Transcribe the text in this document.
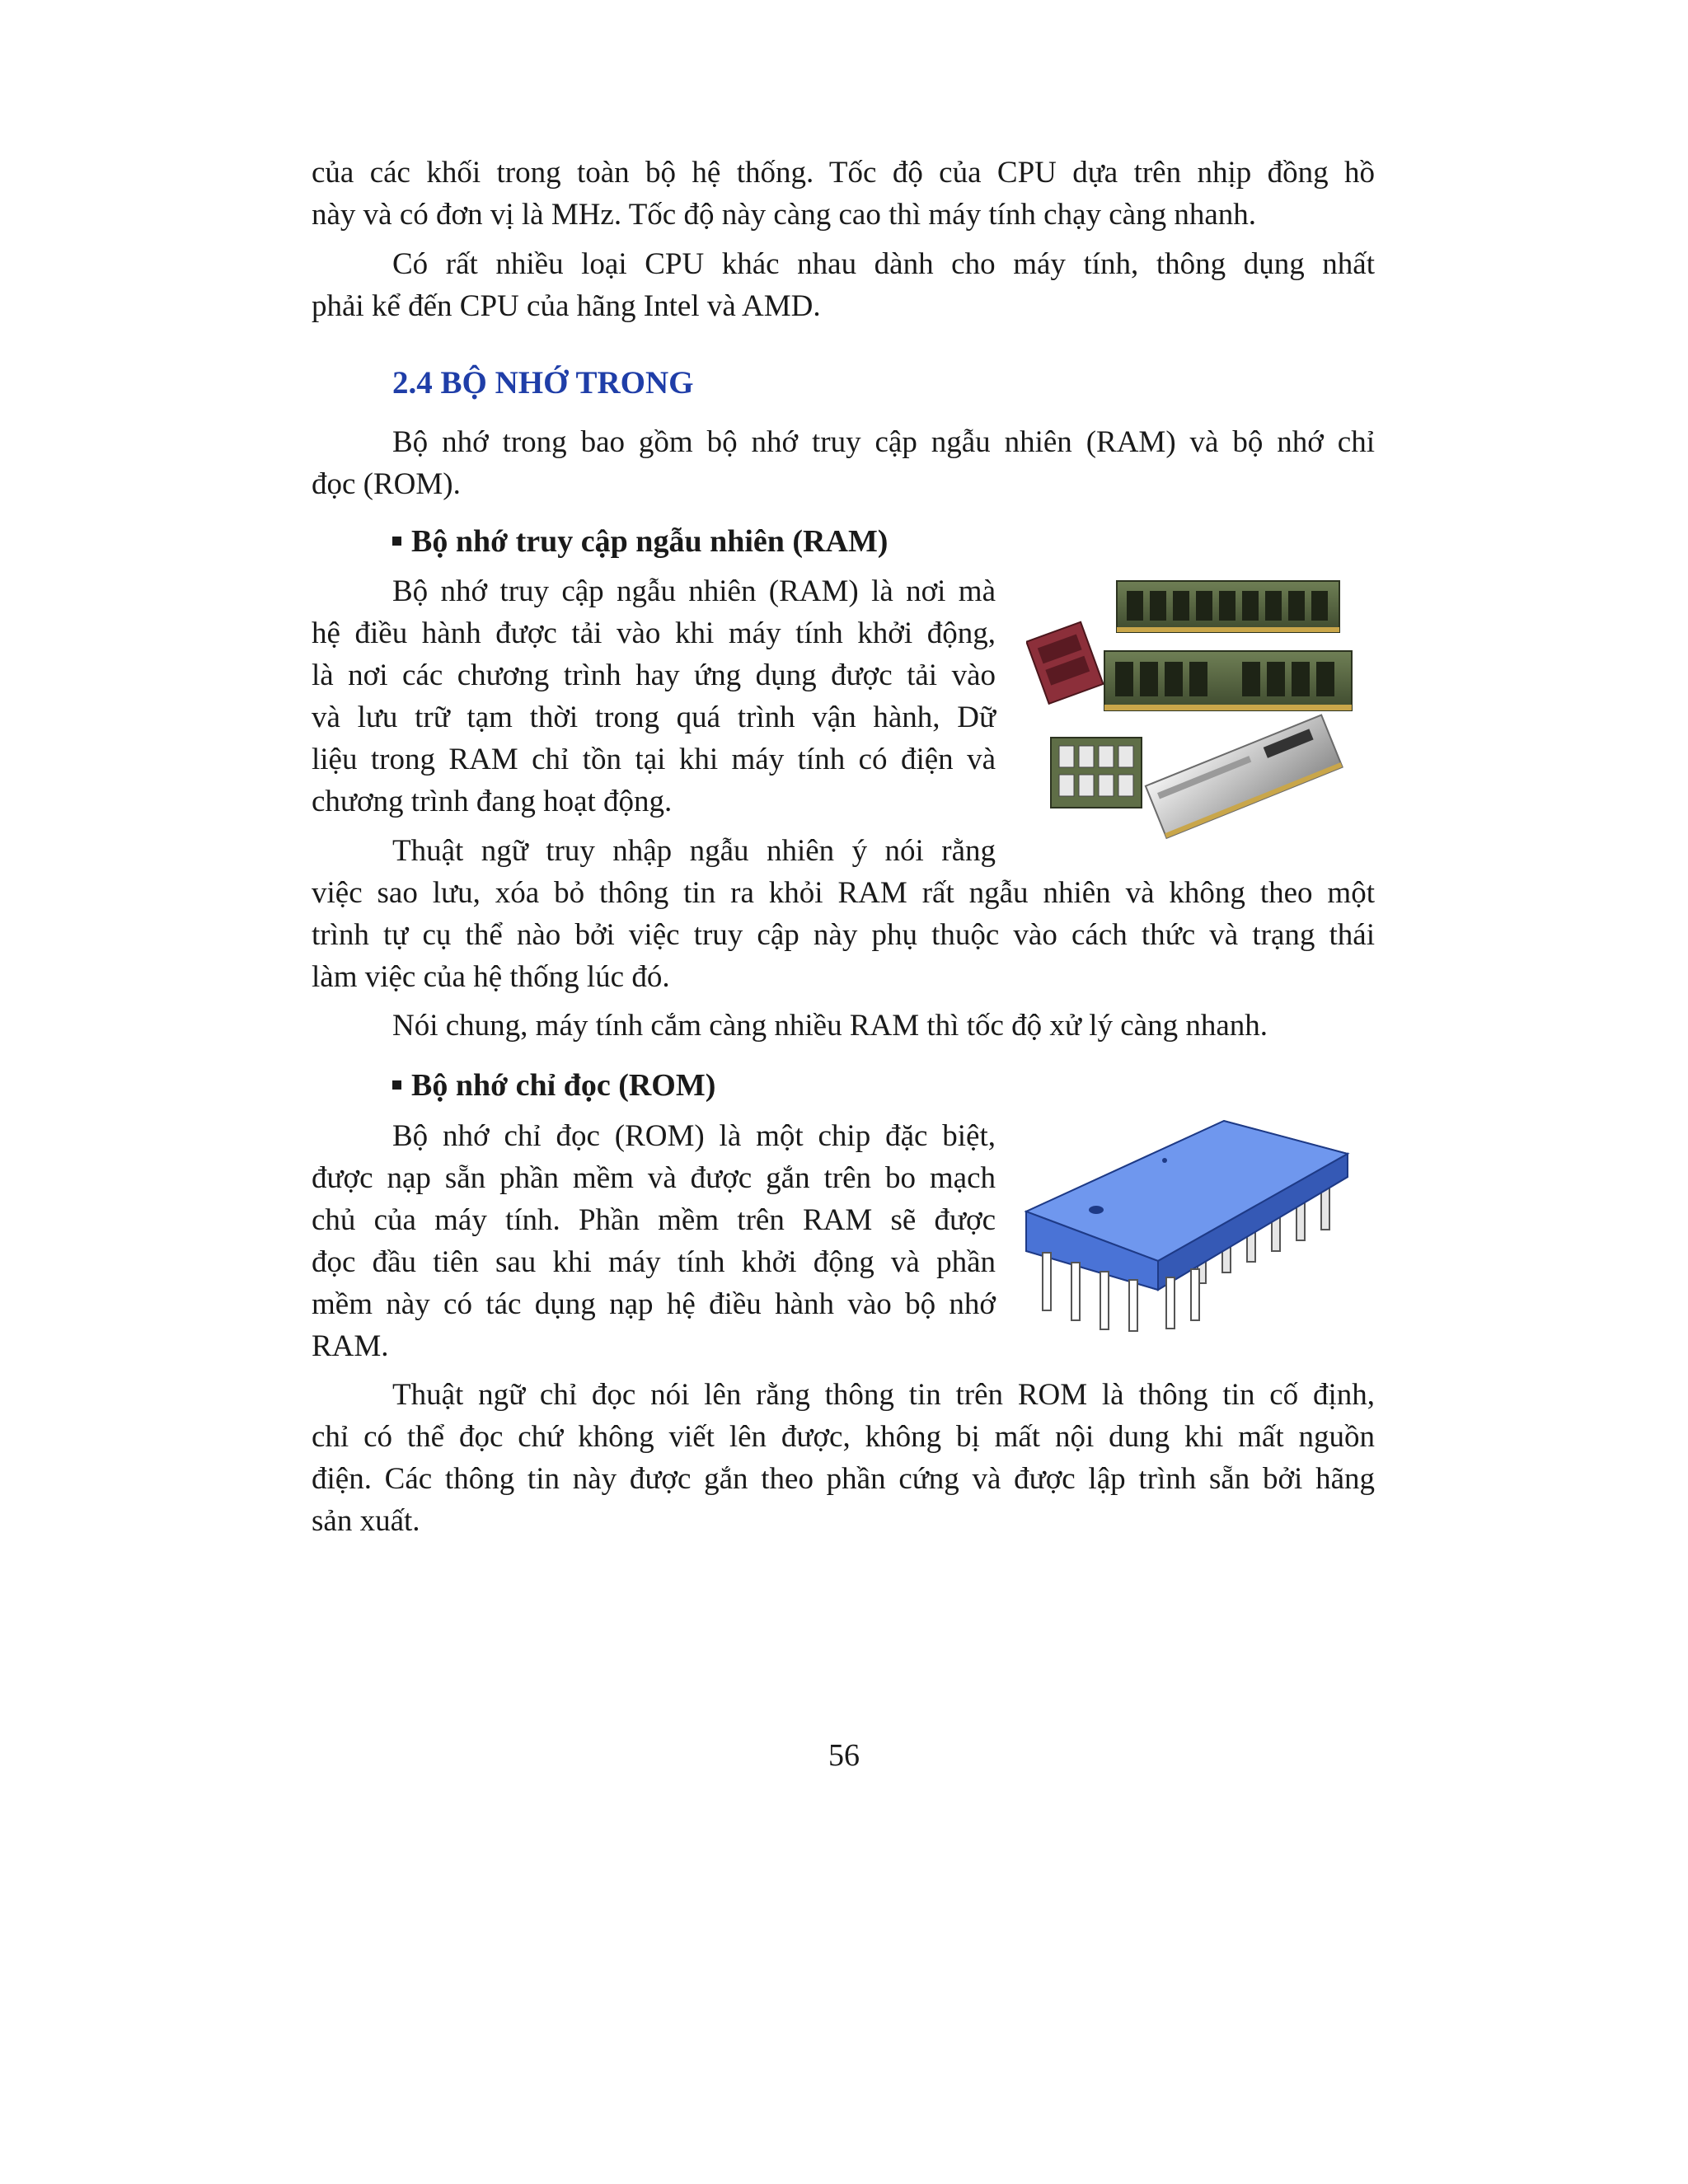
của các khối trong toàn bộ hệ thống. Tốc độ của CPU dựa trên nhịp đồng hồ
này và có đơn vị là MHz. Tốc độ này càng cao thì máy tính chạy càng nhanh.
Có rất nhiều loại CPU khác nhau dành cho máy tính, thông dụng nhất
phải kể đến CPU của hãng Intel và AMD.
2.4 BỘ NHỚ TRONG
Bộ nhớ trong bao gồm bộ nhớ truy cập ngẫu nhiên (RAM) và bộ nhớ chỉ
đọc (ROM).
Bộ nhớ truy cập ngẫu nhiên (RAM)
Bộ nhớ truy cập ngẫu nhiên (RAM) là nơi mà
hệ điều hành được tải vào khi máy tính khởi động,
là nơi các chương trình hay ứng dụng được tải vào
và lưu trữ tạm thời trong quá trình vận hành, Dữ
liệu trong RAM chỉ tồn tại khi máy tính có điện và
chương trình đang hoạt động.
Thuật ngữ truy nhập ngẫu nhiên ý nói rằng
việc sao lưu, xóa bỏ thông tin ra khỏi RAM rất ngẫu nhiên và không theo một
trình tự cụ thể nào bởi việc truy cập này phụ thuộc vào cách thức và trạng thái
làm việc của hệ thống lúc đó.
Nói chung, máy tính cắm càng nhiều RAM thì tốc độ xử lý càng nhanh.
Bộ nhớ chỉ đọc (ROM)
Bộ nhớ chỉ đọc (ROM) là một chip đặc biệt,
được nạp sẵn phần mềm và được gắn trên bo mạch
chủ của máy tính. Phần mềm trên RAM sẽ được
đọc đầu tiên sau khi máy tính khởi động và phần
mềm này có tác dụng nạp hệ điều hành vào bộ nhớ
RAM.
Thuật ngữ chỉ đọc nói lên rằng thông tin trên ROM là thông tin cố định,
chỉ có thể đọc chứ không viết lên được, không bị mất nội dung khi mất nguồn
điện. Các thông tin này được gắn theo phần cứng và được lập trình sẵn bởi hãng
sản xuất.
56
